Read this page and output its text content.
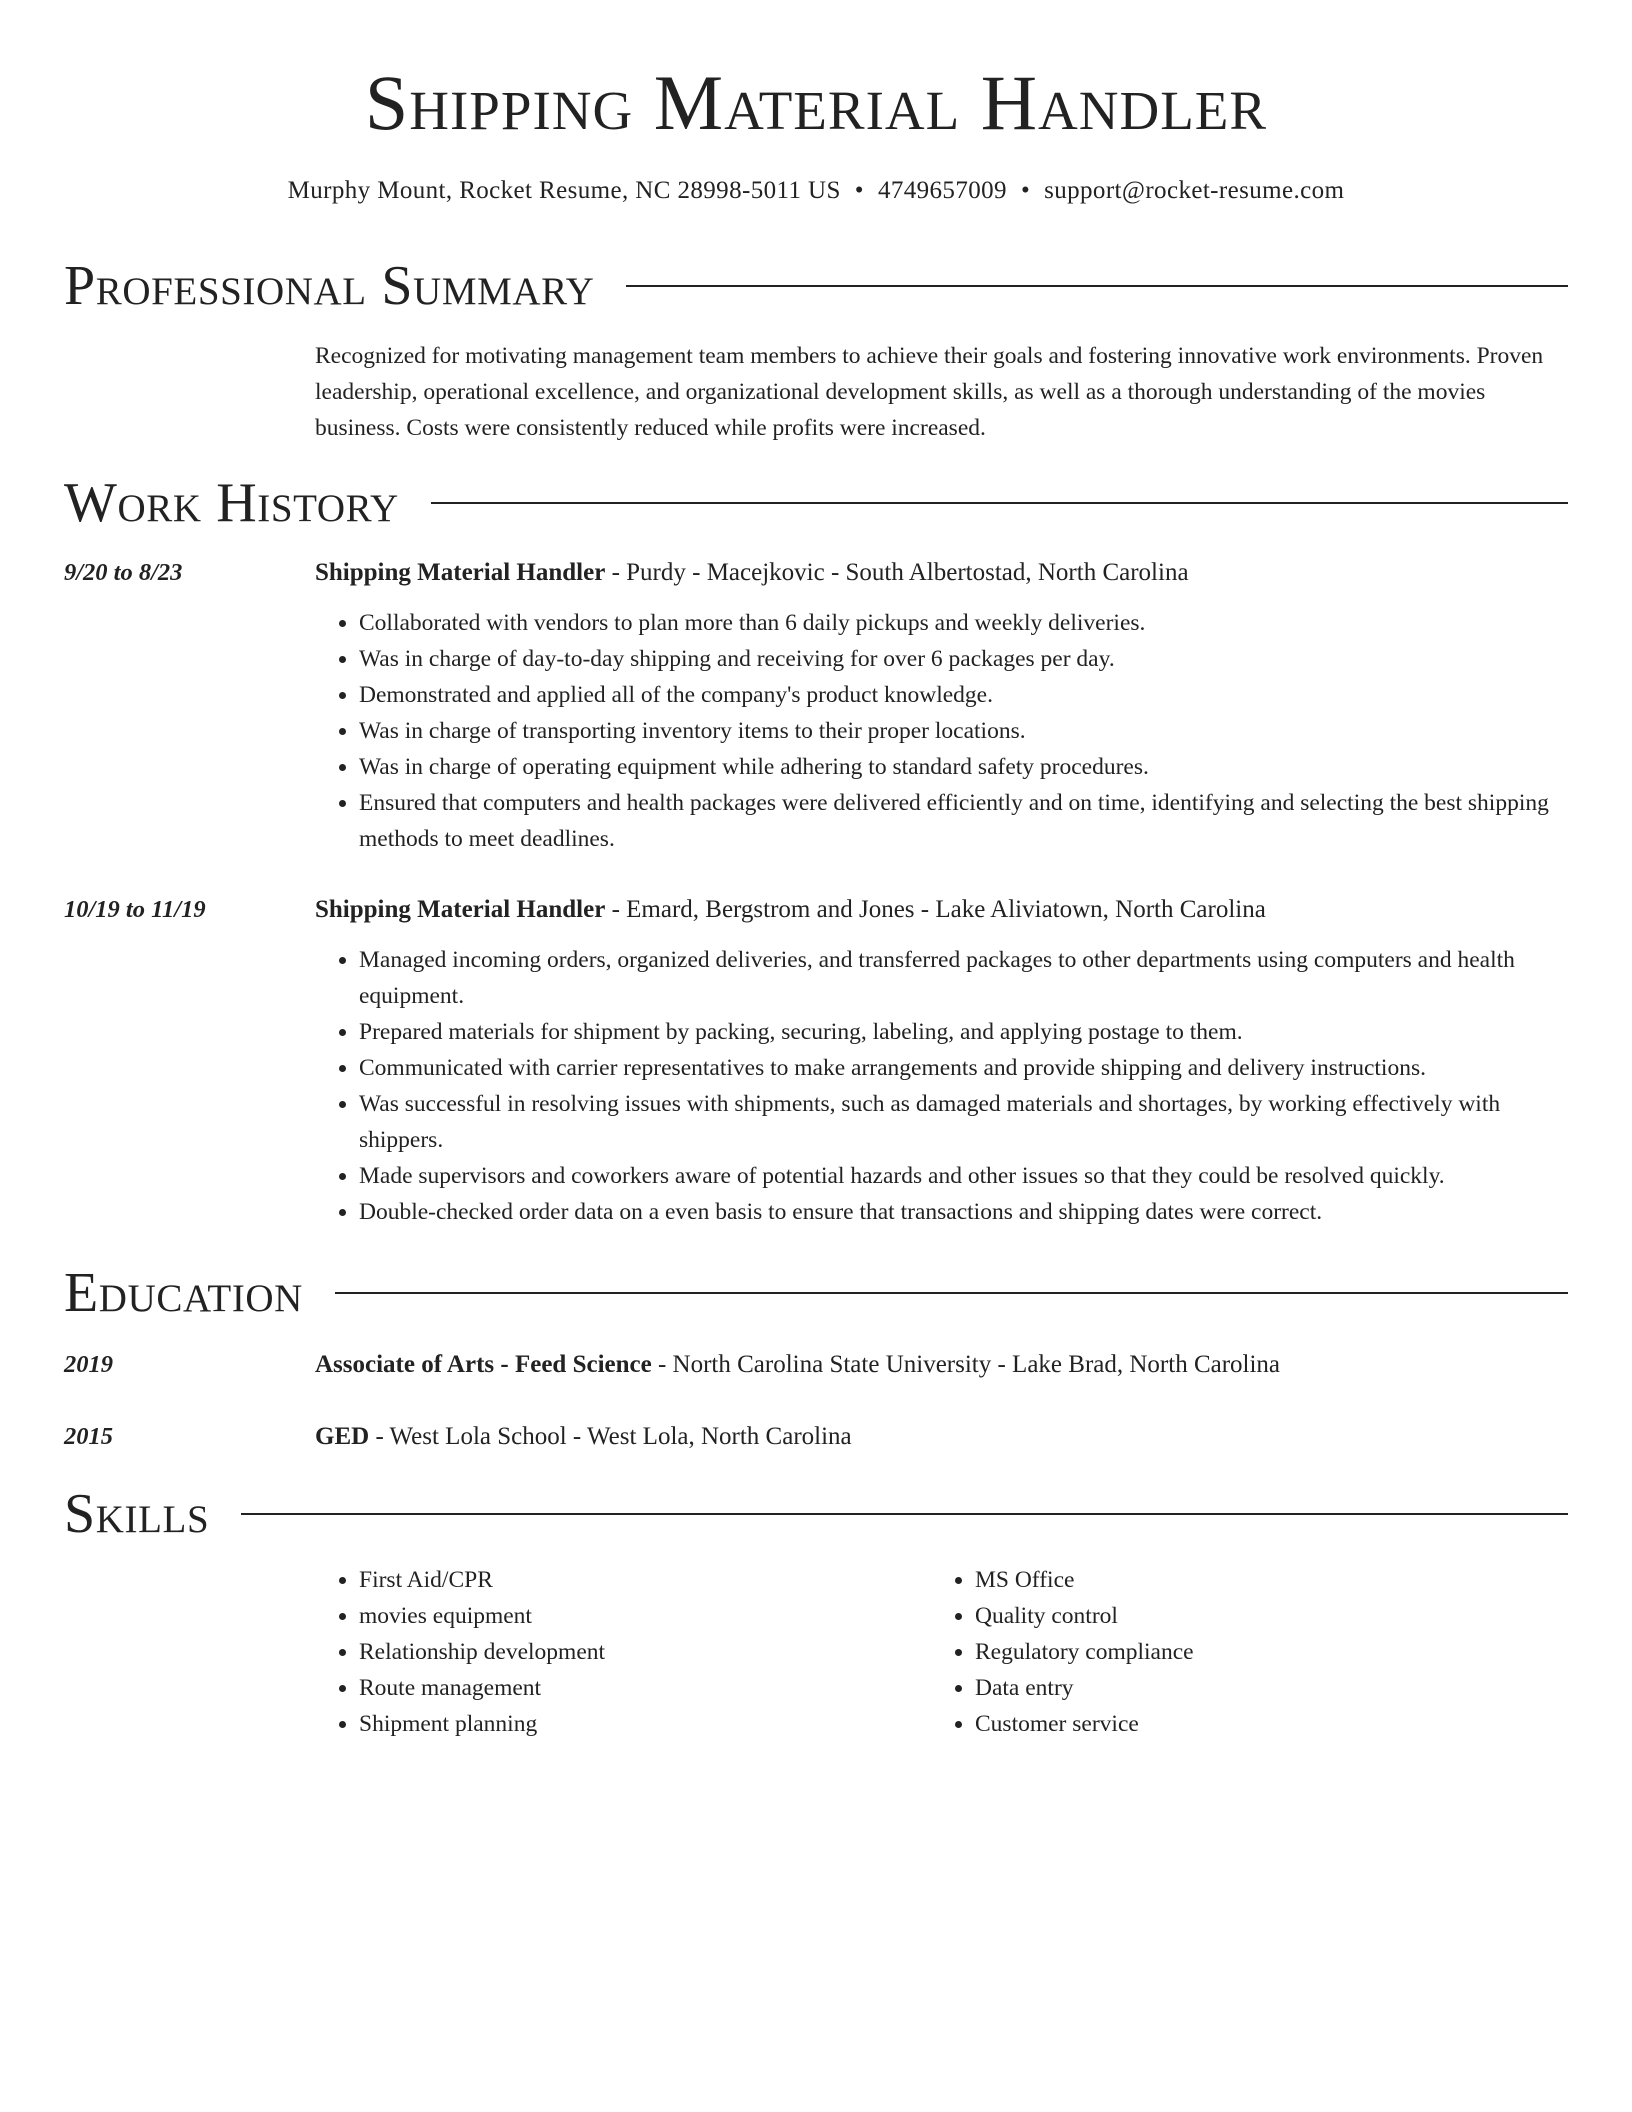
Shipping Material Handler
Murphy Mount, Rocket Resume, NC 28998-5011 US • 4749657009 • support@rocket-resume.com
Professional Summary

Recognized for motivating management team members to achieve their goals and fostering innovative work environments. Proven leadership, operational excellence, and organizational development skills, as well as a thorough understanding of the movies business. Costs were consistently reduced while profits were increased.

Work History
9/20 to 8/23	Shipping Material Handler - Purdy - Macejkovic - South Albertostad, North Carolina
• Collaborated with vendors to plan more than 6 daily pickups and weekly deliveries.
• Was in charge of day-to-day shipping and receiving for over 6 packages per day.
• Demonstrated and applied all of the company's product knowledge.
• Was in charge of transporting inventory items to their proper locations.
• Was in charge of operating equipment while adhering to standard safety procedures.
• Ensured that computers and health packages were delivered efficiently and on time, identifying and selecting the best shipping methods to meet deadlines.
10/19 to 11/19	Shipping Material Handler - Emard, Bergstrom and Jones - Lake Aliviatown, North Carolina
• Managed incoming orders, organized deliveries, and transferred packages to other departments using computers and health equipment.
• Prepared materials for shipment by packing, securing, labeling, and applying postage to them.
• Communicated with carrier representatives to make arrangements and provide shipping and delivery instructions.
• Was successful in resolving issues with shipments, such as damaged materials and shortages, by working effectively with shippers.
• Made supervisors and coworkers aware of potential hazards and other issues so that they could be resolved quickly.
• Double-checked order data on a even basis to ensure that transactions and shipping dates were correct.
Education
2019	Associate of Arts - Feed Science - North Carolina State University - Lake Brad, North Carolina
2015	GED - West Lola School - West Lola, North Carolina
Skills
• First Aid/CPR
• movies equipment
• Relationship development
• Route management
• Shipment planning
• MS Office
• Quality control
• Regulatory compliance
• Data entry
• Customer service
